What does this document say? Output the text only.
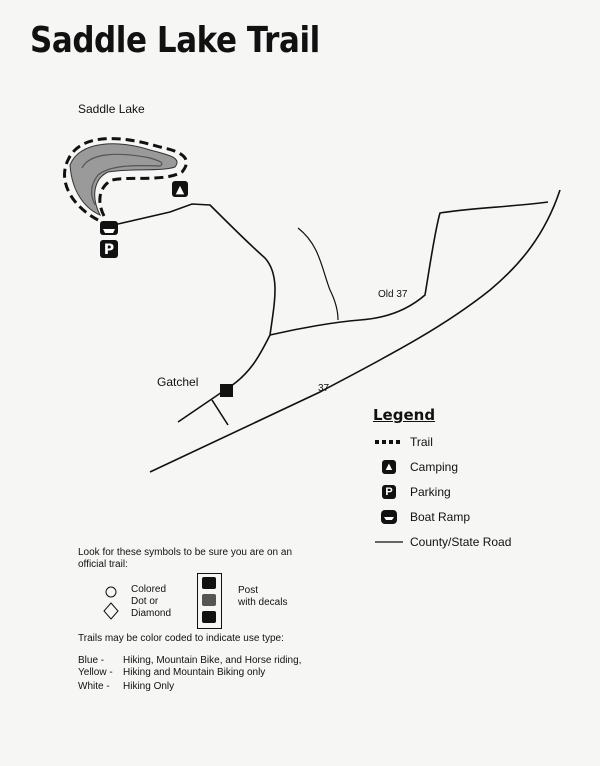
▲
P
Saddle Lake Trail
Saddle Lake
Old 37
Gatchel	37
Legend
Trail
▲ Camping
P Parking
Boat Ramp
County/State Road
Look for these symbols to be sure you are on an official trail:
Colored
Dot or
Diamond
Post
with decals
Trails may be color coded to indicate use type:
Blue -	Hiking, Mountain Bike, and Horse riding,
Yellow -	Hiking and Mountain Biking only
White -	Hiking Only
